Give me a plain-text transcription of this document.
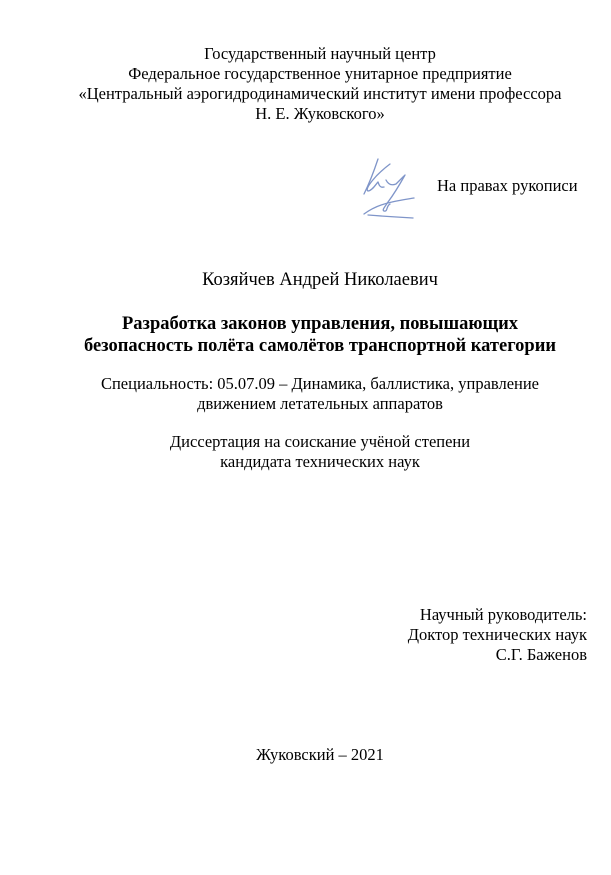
Государственный научный центр
Федеральное государственное унитарное предприятие
«Центральный аэрогидродинамический институт имени профессора
Н. Е. Жуковского»
На правах рукописи
Козяйчев Андрей Николаевич
Разработка законов управления, повышающих
безопасность полёта самолётов транспортной категории
Специальность: 05.07.09 – Динамика, баллистика, управление
движением летательных аппаратов
Диссертация на соискание учёной степени
кандидата технических наук
Научный руководитель:
Доктор технических наук
С.Г. Баженов
Жуковский – 2021
